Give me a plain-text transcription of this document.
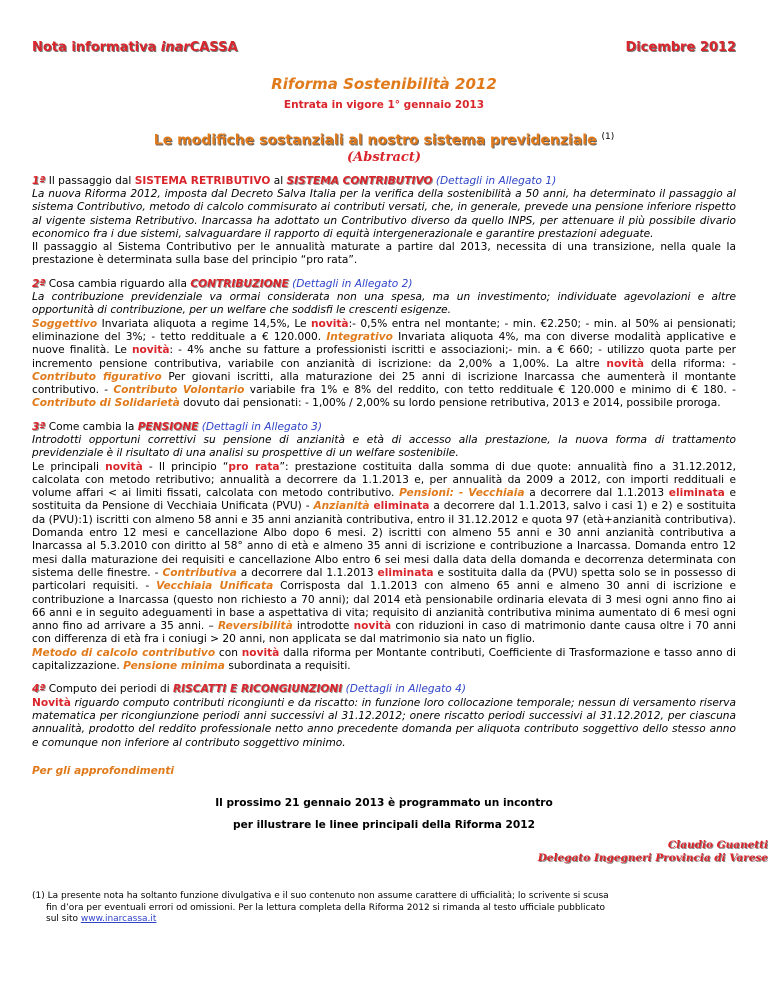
Nota informativa inarCASSA	Dicembre 2012
Riforma Sostenibilità 2012
Entrata in vigore 1° gennaio 2013
Le modifiche sostanziali al nostro sistema previdenziale $^{(1)}$
(Abstract)
1ª Il passaggio dal SISTEMA RETRIBUTIVO al SISTEMA CONTRIBUTIVO (Dettagli in Allegato 1)
La nuova Riforma 2012, imposta dal Decreto Salva Italia per la verifica della sostenibilità a 50 anni, ha determinato il passaggio al sistema Contributivo, metodo di calcolo commisurato ai contributi versati, che, in generale, prevede una pensione inferiore rispetto al vigente sistema Retributivo. Inarcassa ha adottato un Contributivo diverso da quello INPS, per attenuare il più possibile divario economico fra i due sistemi, salvaguardare il rapporto di equità intergenerazionale e garantire prestazioni adeguate.
Il passaggio al Sistema Contributivo per le annualità maturate a partire dal 2013, necessita di una transizione, nella quale la prestazione è determinata sulla base del principio “pro rata”.
2ª Cosa cambia riguardo alla CONTRIBUZIONE (Dettagli in Allegato 2)
La contribuzione previdenziale va ormai considerata non una spesa, ma un investimento; individuate agevolazioni e altre opportunità di contribuzione, per un welfare che soddisfi le crescenti esigenze.
Soggettivo Invariata aliquota a regime 14,5%, Le novità:- 0,5% entra nel montante; - min. €2.250; - min. al 50% ai pensionati; eliminazione del 3%; - tetto reddituale a € 120.000. Integrativo Invariata aliquota 4%, ma con diverse modalità applicative e nuove finalità. Le novità: - 4% anche su fatture a professionisti iscritti e associazioni;- min. a € 660; - utilizzo quota parte per incremento pensione contributiva, variabile con anzianità di iscrizione: da 2,00% a 1,00%. La altre novità della riforma: - Contributo figurativo Per giovani iscritti, alla maturazione dei 25 anni di iscrizione Inarcassa che aumenterà il montante contributivo. - Contributo Volontario variabile fra 1% e 8% del reddito, con tetto reddituale € 120.000 e minimo di € 180. - Contributo di Solidarietà dovuto dai pensionati: - 1,00% / 2,00% su lordo pensione retributiva, 2013 e 2014, possibile proroga.
3ª Come cambia la PENSIONE (Dettagli in Allegato 3)
Introdotti opportuni correttivi su pensione di anzianità e età di accesso alla prestazione, la nuova forma di trattamento previdenziale è il risultato di una analisi su prospettive di un welfare sostenibile.
Le principali novità - Il principio “pro rata”: prestazione costituita dalla somma di due quote: annualità fino a 31.12.2012, calcolata con metodo retributivo; annualità a decorrere da 1.1.2013 e, per annualità da 2009 a 2012, con importi reddituali e volume affari < ai limiti fissati, calcolata con metodo contributivo. Pensioni: - Vecchiaia a decorrere dal 1.1.2013 eliminata e sostituita da Pensione di Vecchiaia Unificata (PVU) - Anzianità eliminata a decorrere dal 1.1.2013, salvo i casi 1) e 2) e sostituita da (PVU):1) iscritti con almeno 58 anni e 35 anni anzianità contributiva, entro il 31.12.2012 e quota 97 (età+anzianità contributiva). Domanda entro 12 mesi e cancellazione Albo dopo 6 mesi. 2) iscritti con almeno 55 anni e 30 anni anzianità contributiva a Inarcassa al 5.3.2010 con diritto al 58° anno di età e almeno 35 anni di iscrizione e contribuzione a Inarcassa. Domanda entro 12 mesi dalla maturazione dei requisiti e cancellazione Albo entro 6 sei mesi dalla data della domanda e decorrenza determinata con sistema delle finestre. - Contributiva a decorrere dal 1.1.2013 eliminata e sostituita dalla da (PVU) spetta solo se in possesso di particolari requisiti. - Vecchiaia Unificata Corrisposta dal 1.1.2013 con almeno 65 anni e almeno 30 anni di iscrizione e contribuzione a Inarcassa (questo non richiesto a 70 anni); dal 2014 età pensionabile ordinaria elevata di 3 mesi ogni anno fino ai 66 anni e in seguito adeguamenti in base a aspettativa di vita; requisito di anzianità contributiva minima aumentato di 6 mesi ogni anno fino ad arrivare a 35 anni. – Reversibilità introdotte novità con riduzioni in caso di matrimonio dante causa oltre i 70 anni con differenza di età fra i coniugi > 20 anni, non applicata se dal matrimonio sia nato un figlio.
Metodo di calcolo contributivo con novità dalla riforma per Montante contributi, Coefficiente di Trasformazione e tasso anno di capitalizzazione. Pensione minima subordinata a requisiti.
4ª Computo dei periodi di RISCATTI E RICONGIUNZIONI (Dettagli in Allegato 4)
Novità riguardo computo contributi ricongiunti e da riscatto: in funzione loro collocazione temporale; nessun di versamento riserva matematica per ricongiunzione periodi anni successivi al 31.12.2012; onere riscatto periodi successivi al 31.12.2012, per ciascuna annualità, prodotto del reddito professionale netto anno precedente domanda per aliquota contributo soggettivo dello stesso anno e comunque non inferiore al contributo soggettivo minimo.
Per gli approfondimenti
Il prossimo 21 gennaio 2013 è programmato un incontro
per illustrare le linee principali della Riforma 2012
Claudio Guanetti
Delegato Ingegneri Provincia di Varese
(1) La presente nota ha soltanto funzione divulgativa e il suo contenuto non assume carattere di ufficialità; lo scrivente si scusa
fin d’ora per eventuali errori od omissioni. Per la lettura completa della Riforma 2012 si rimanda al testo ufficiale pubblicato
sul sito www.inarcassa.it
